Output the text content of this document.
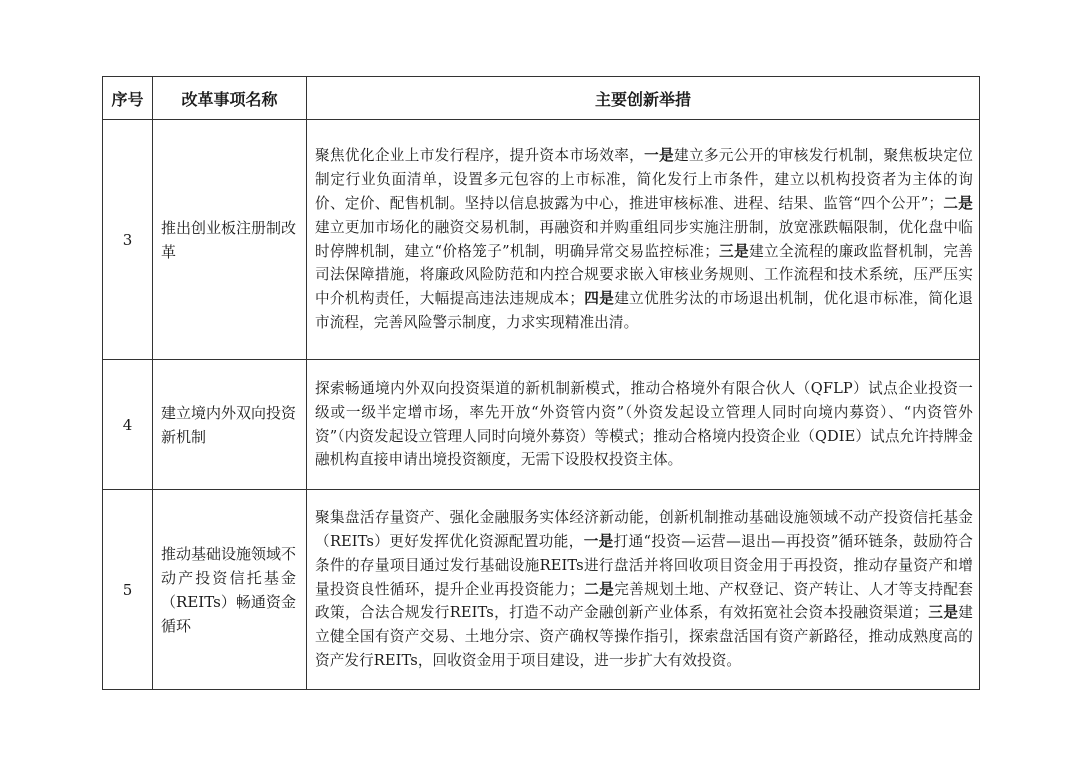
序号	改革事项名称	主要创新举措
3	推出创业板注册制改革	聚焦优化企业上市发行程序，提升资本市场效率，一是建立多元公开的审核发行机制，聚焦板块定位制定行业负面清单，设置多元包容的上市标准，简化发行上市条件，建立以机构投资者为主体的询价、定价、配售机制。坚持以信息披露为中心，推进审核标准、进程、结果、监管“四个公开”；二是建立更加市场化的融资交易机制，再融资和并购重组同步实施注册制，放宽涨跌幅限制，优化盘中临时停牌机制，建立“价格笼子”机制，明确异常交易监控标准；三是建立全流程的廉政监督机制，完善司法保障措施，将廉政风险防范和内控合规要求嵌入审核业务规则、工作流程和技术系统，压严压实中介机构责任，大幅提高违法违规成本；四是建立优胜劣汰的市场退出机制，优化退市标准，简化退市流程，完善风险警示制度，力求实现精准出清。
4	建立境内外双向投资新机制	探索畅通境内外双向投资渠道的新机制新模式，推动合格境外有限合伙人（QFLP）试点企业投资一级或一级半定增市场，率先开放“外资管内资”（外资发起设立管理人同时向境内募资）、“内资管外资”（内资发起设立管理人同时向境外募资）等模式；推动合格境内投资企业（QDIE）试点允许持牌金融机构直接申请出境投资额度，无需下设股权投资主体。
5	推动基础设施领域不动产投资信托基金（REITs）畅通资金循环	聚集盘活存量资产、强化金融服务实体经济新动能，创新机制推动基础设施领域不动产投资信托基金（REITs）更好发挥优化资源配置功能，一是打通“投资—运营—退出—再投资”循环链条，鼓励符合条件的存量项目通过发行基础设施REITs进行盘活并将回收项目资金用于再投资，推动存量资产和增量投资良性循环，提升企业再投资能力；二是完善规划土地、产权登记、资产转让、人才等支持配套政策，合法合规发行REITs，打造不动产金融创新产业体系，有效拓宽社会资本投融资渠道；三是建立健全国有资产交易、土地分宗、资产确权等操作指引，探索盘活国有资产新路径，推动成熟度高的资产发行REITs，回收资金用于项目建设，进一步扩大有效投资。
